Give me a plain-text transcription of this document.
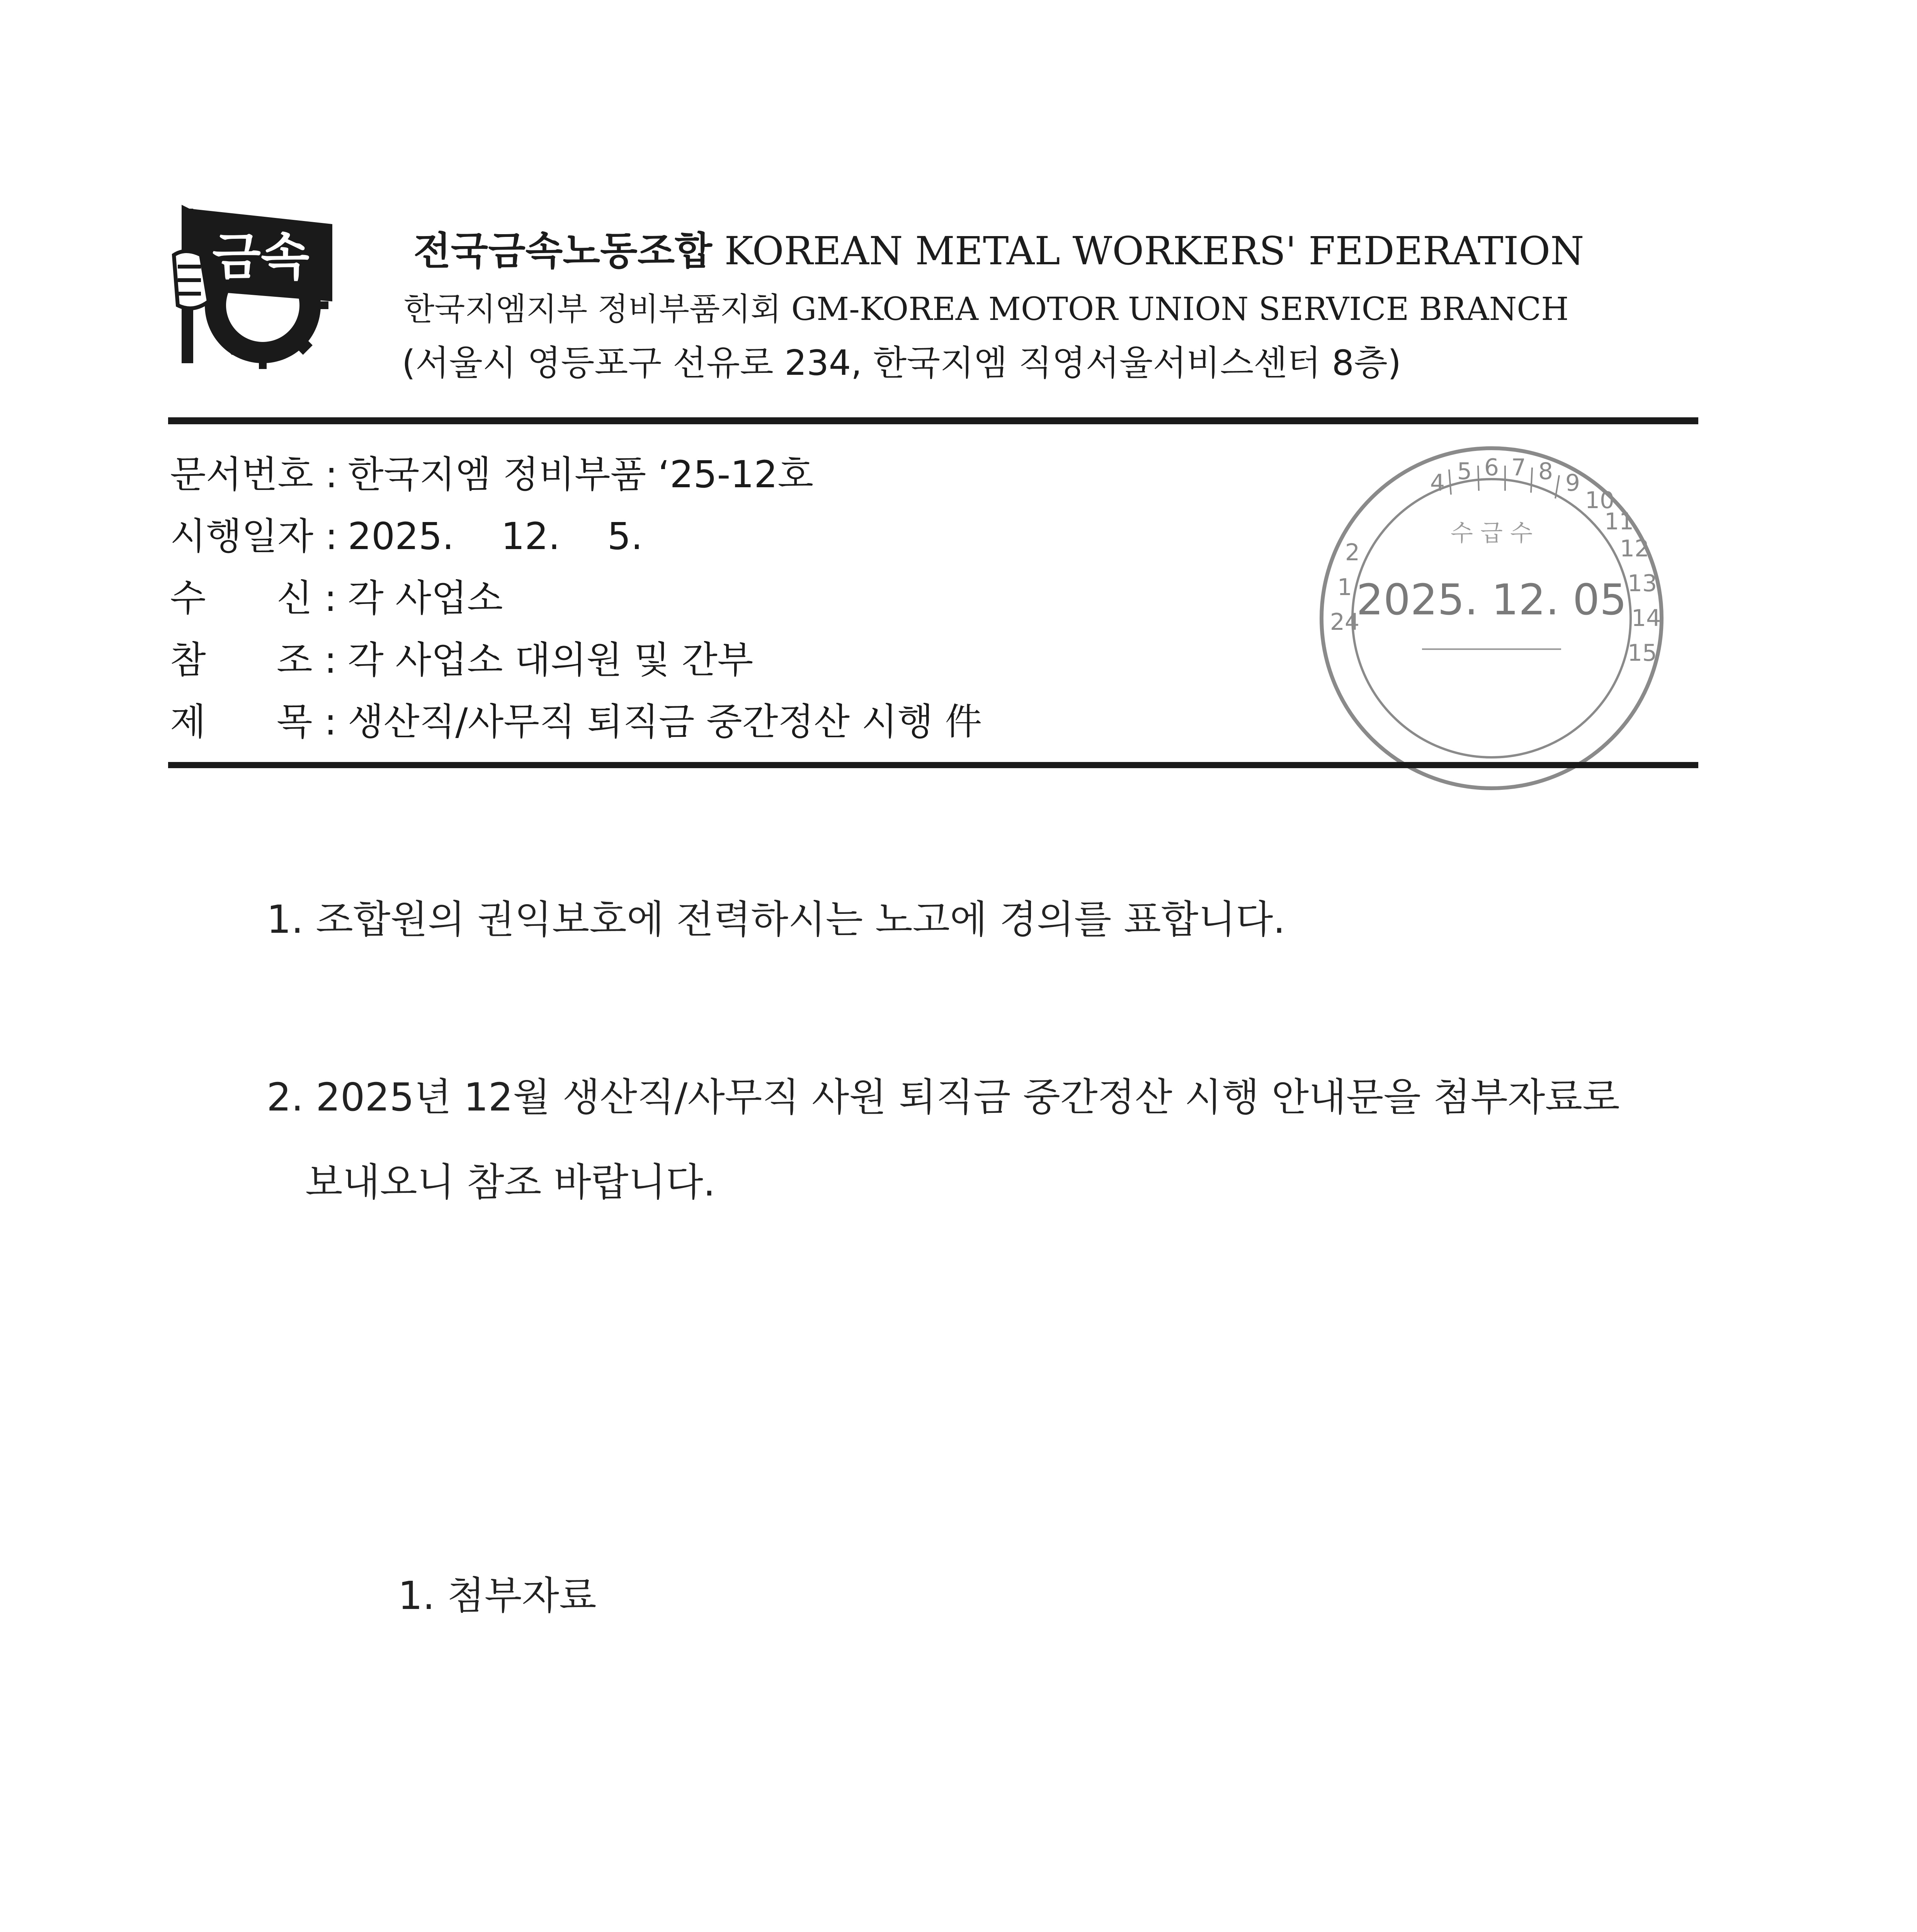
금속	전국금속노동조합 KOREAN METAL WORKERS' FEDERATION
한국지엠지부 정비부품지회 GM-KOREA MOTOR UNION SERVICE BRANCH
(서울시 영등포구 선유로 234, 한국지엠 직영서울서비스센터 8층)
문서번호 : 한국지엠 정비부품 ‘25-12호
시행일자 : 2025.    12.    5.
수      신 : 각 사업소
참      조 : 각 사업소 대의원 및 간부
제      목 : 생산직/사무직 퇴직금 중간정산 시행 件
4 5 6 7 8 9
10
11
12
13
14
15
2
1
24
수 급 수
2025. 12. 05
1. 조합원의 권익보호에 전력하시는 노고에 경의를 표합니다.
2. 2025년 12월 생산직/사무직 사원 퇴직금 중간정산 시행 안내문을 첨부자료로
보내오니 참조 바랍니다.
1. 첨부자료
